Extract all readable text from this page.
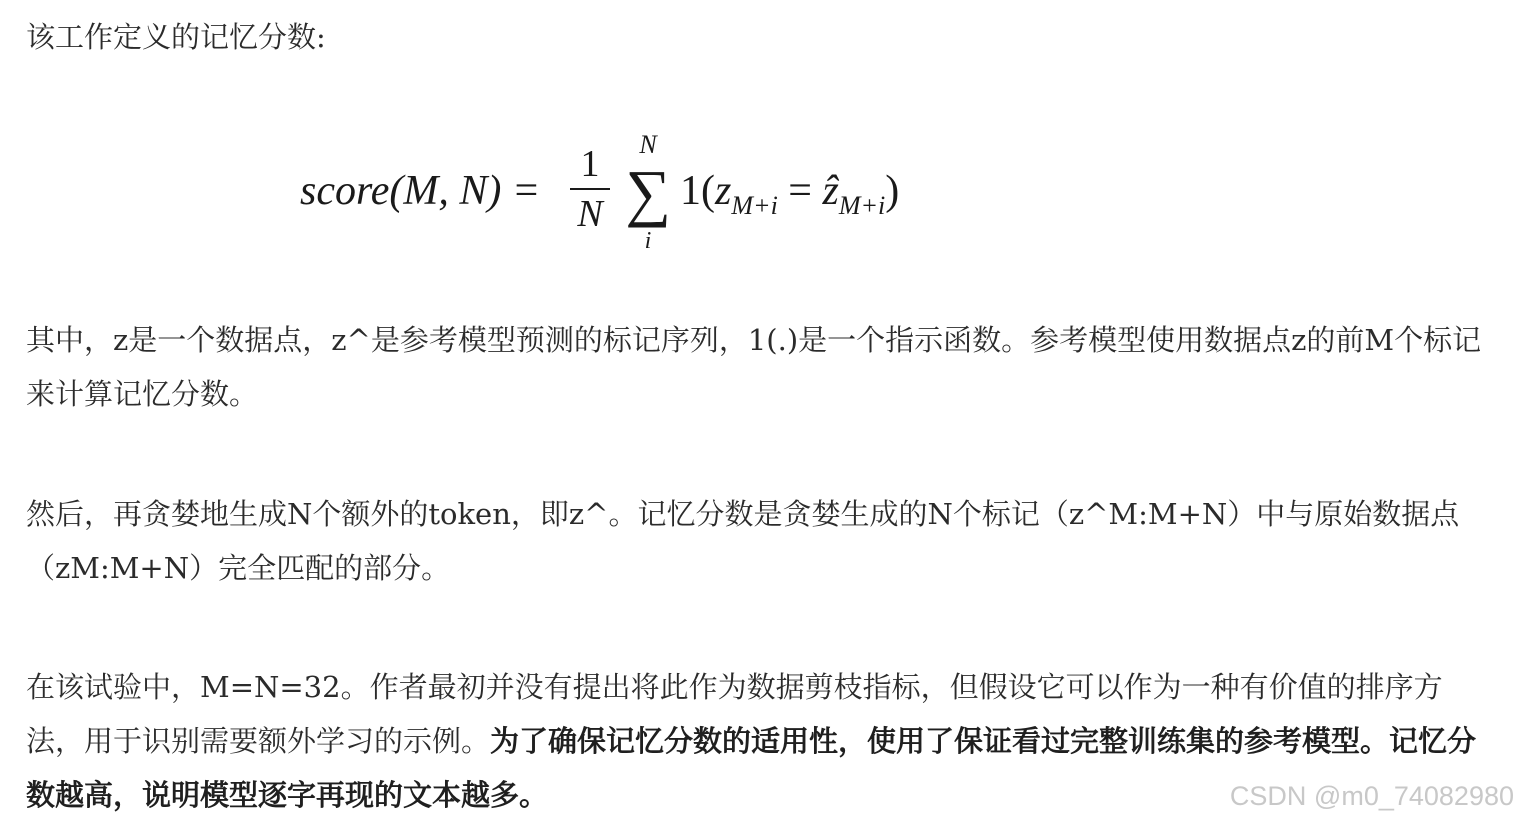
该工作定义的记忆分数:

score(M, N) =
1
N
N
∑
i
$1(z_{M+i}$ = ẑ$_{M+i}$)

其中，z是一个数据点，z^是参考模型预测的标记序列，1(.)是一个指示函数。参考模型使用数据点z的前M个标记来计算记忆分数。

然后，再贪婪地生成N个额外的token，即z^。记忆分数是贪婪生成的N个标记（z^M:M+N）中与原始数据点（zM:M+N）完全匹配的部分。

在该试验中，M=N=32。作者最初并没有提出将此作为数据剪枝指标，但假设它可以作为一种有价值的排序方法，用于识别需要额外学习的示例。为了确保记忆分数的适用性，使用了保证看过完整训练集的参考模型。记忆分数越高，说明模型逐字再现的文本越多。	CSDN @m0_74082980
